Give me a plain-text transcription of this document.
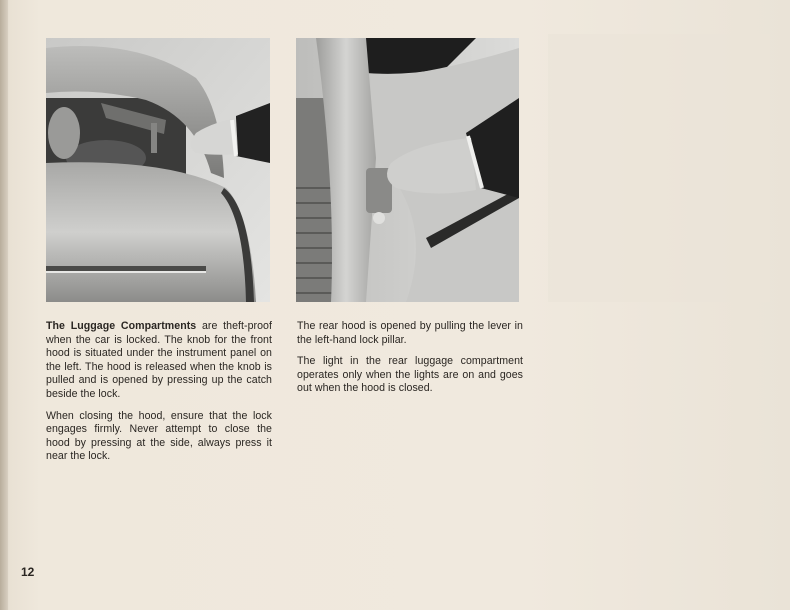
The Luggage Compartments are theft-proof when the car is locked. The knob for the front hood is situated under the instrument panel on the left. The hood is released when the knob is pulled and is opened by pressing up the catch beside the lock.

When closing the hood, ensure that the lock engages firmly. Never attempt to close the hood by pressing at the side, always press it near the lock.

The rear hood is opened by pulling the lever in the left-hand lock pillar.

The light in the rear luggage compartment operates only when the lights are on and goes out when the hood is closed.

12
